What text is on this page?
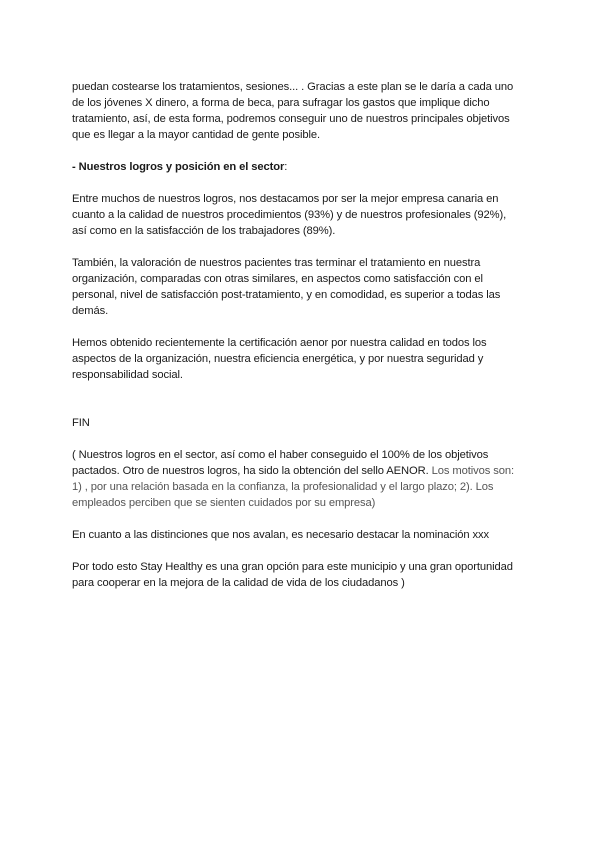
puedan costearse los tratamientos, sesiones... . Gracias a este plan se le daría a cada uno
de los jóvenes X dinero, a forma de beca, para sufragar los gastos que implique dicho
tratamiento, así, de esta forma, podremos conseguir uno de nuestros principales objetivos
que es llegar a la mayor cantidad de gente posible.

- Nuestros logros y posición en el sector:

Entre muchos de nuestros logros, nos destacamos por ser la mejor empresa canaria en
cuanto a la calidad de nuestros procedimientos (93%) y de nuestros profesionales (92%),
así como en la satisfacción de los trabajadores (89%).

También, la valoración de nuestros pacientes tras terminar el tratamiento en nuestra
organización, comparadas con otras similares, en aspectos como satisfacción con el
personal, nivel de satisfacción post-tratamiento, y en comodidad, es superior a todas las
demás.

Hemos obtenido recientemente la certificación aenor por nuestra calidad en todos los
aspectos de la organización, nuestra eficiencia energética, y por nuestra seguridad y
responsabilidad social.

FIN

( Nuestros logros en el sector, así como el haber conseguido el 100% de los objetivos
pactados. Otro de nuestros logros, ha sido la obtención del sello AENOR. Los motivos son:
1) , por una relación basada en la confianza, la profesionalidad y el largo plazo; 2). Los
empleados perciben que se sienten cuidados por su empresa)

En cuanto a las distinciones que nos avalan, es necesario destacar la nominación xxx

Por todo esto Stay Healthy es una gran opción para este municipio y una gran oportunidad
para cooperar en la mejora de la calidad de vida de los ciudadanos )
